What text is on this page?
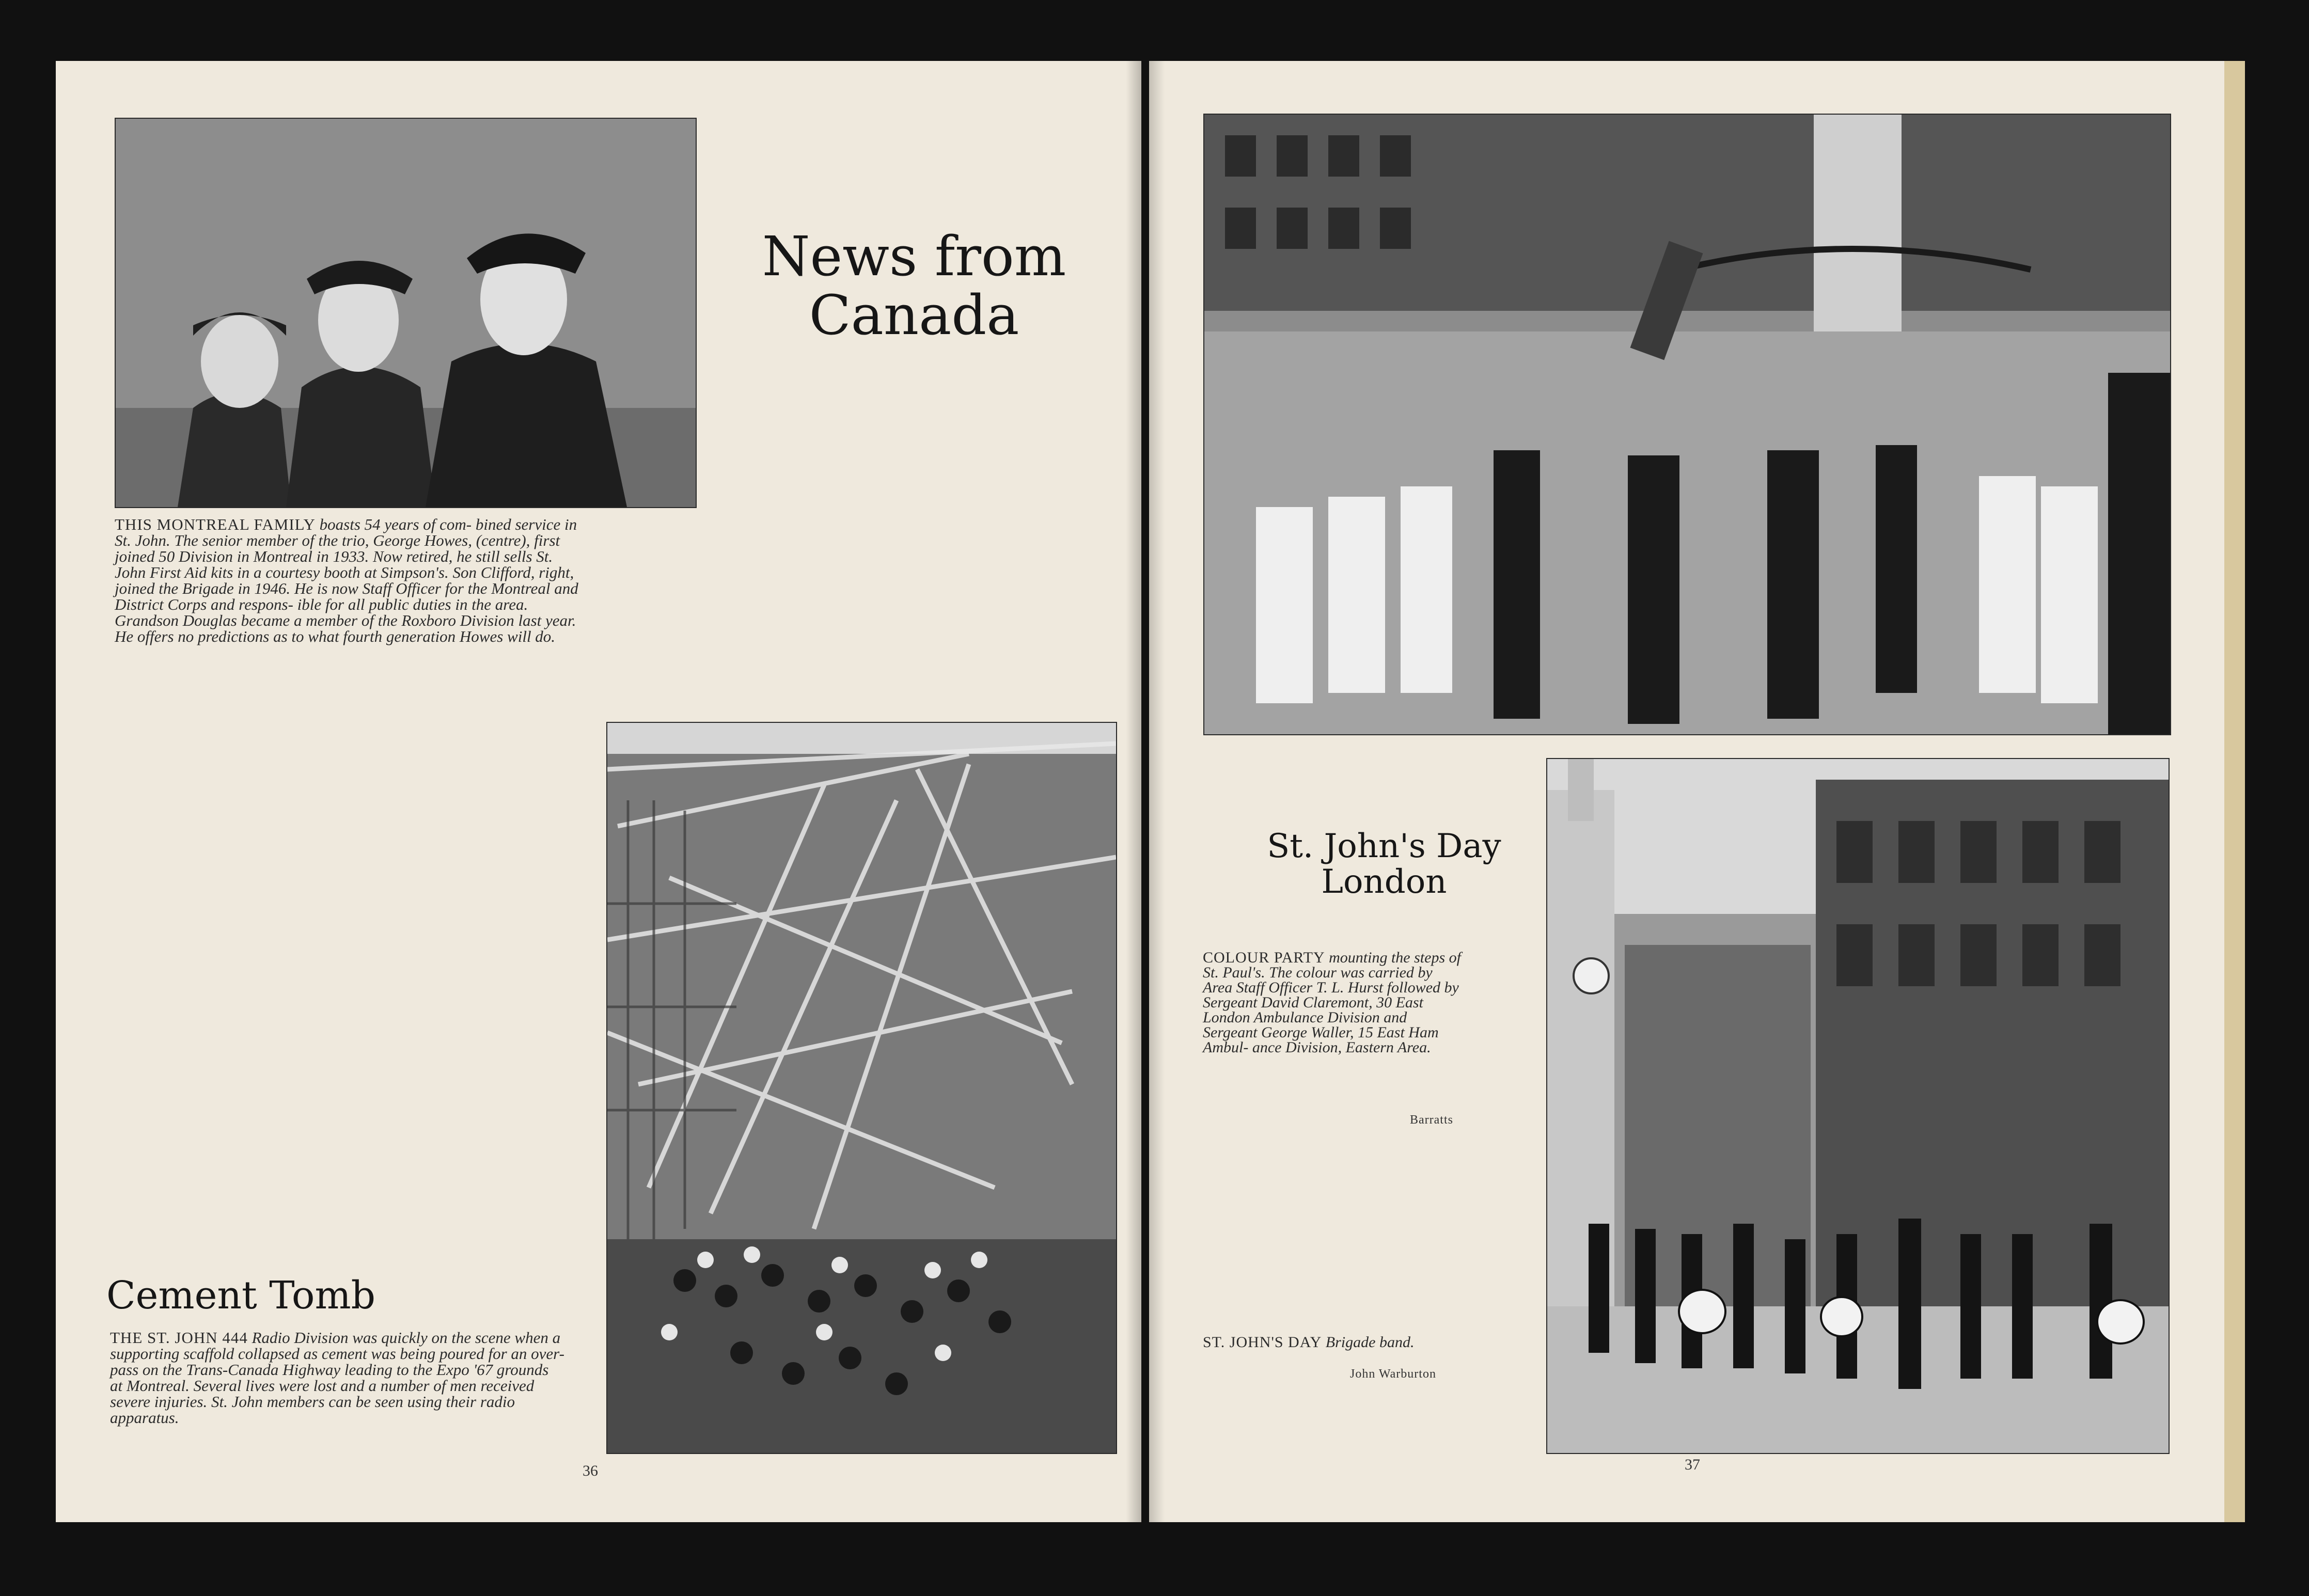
News from
Canada

THIS MONTREAL FAMILY boasts 54 years of com- bined service in St. John. The senior member of the trio, George Howes, (centre), first joined 50 Division in Montreal in 1933. Now retired, he still sells St. John First Aid kits in a courtesy booth at Simpson's. Son Clifford, right, joined the Brigade in 1946. He is now Staff Officer for the Montreal and District Corps and respons- ible for all public duties in the area. Grandson Douglas became a member of the Roxboro Division last year. He offers no predictions as to what fourth generation Howes will do.

Cement Tomb

THE ST. JOHN 444 Radio Division was quickly on the scene when a supporting scaffold collapsed as cement was being poured for an over-pass on the Trans-Canada Highway leading to the Expo '67 grounds at Montreal. Several lives were lost and a number of men received severe injuries. St. John members can be seen using their radio apparatus.

36
St. John's Day
London

COLOUR PARTY mounting the steps of St. Paul's. The colour was carried by Area Staff Officer T. L. Hurst followed by Sergeant David Claremont, 30 East London Ambulance Division and Sergeant George Waller, 15 East Ham Ambul- ance Division, Eastern Area.

Barratts

ST. JOHN'S DAY Brigade band.

John Warburton
37
